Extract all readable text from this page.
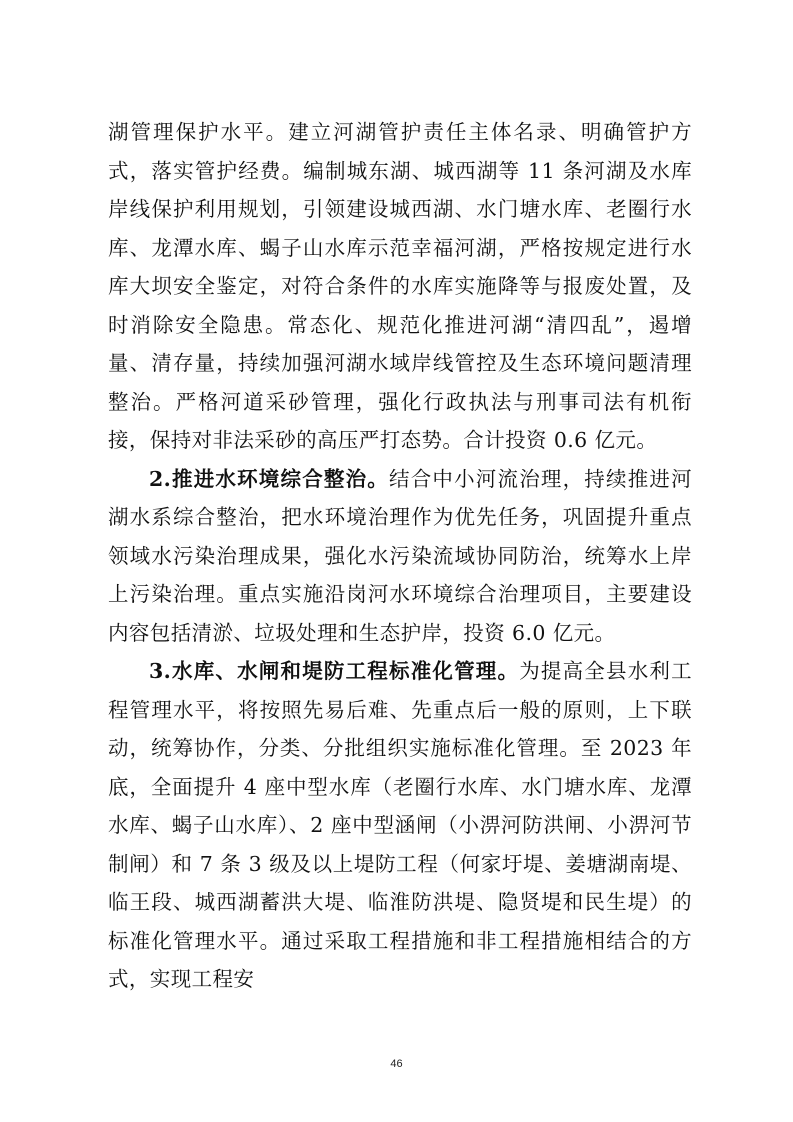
湖管理保护水平。建立河湖管护责任主体名录、明确管护方式，落实管护经费。编制城东湖、城西湖等 11 条河湖及水库岸线保护利用规划，引领建设城西湖、水门塘水库、老圈行水库、龙潭水库、蝎子山水库示范幸福河湖，严格按规定进行水库大坝安全鉴定，对符合条件的水库实施降等与报废处置，及时消除安全隐患。常态化、规范化推进河湖“清四乱”，遏增量、清存量，持续加强河湖水域岸线管控及生态环境问题清理整治。严格河道采砂管理，强化行政执法与刑事司法有机衔接，保持对非法采砂的高压严打态势。合计投资 0.6 亿元。

2.推进水环境综合整治。结合中小河流治理，持续推进河湖水系综合整治，把水环境治理作为优先任务，巩固提升重点领域水污染治理成果，强化水污染流域协同防治，统筹水上岸上污染治理。重点实施沿岗河水环境综合治理项目，主要建设内容包括清淤、垃圾处理和生态护岸，投资 6.0 亿元。

3.水库、水闸和堤防工程标准化管理。为提高全县水利工程管理水平，将按照先易后难、先重点后一般的原则，上下联动，统筹协作，分类、分批组织实施标准化管理。至 2023 年底，全面提升 4 座中型水库（老圈行水库、水门塘水库、龙潭水库、蝎子山水库）、2 座中型涵闸（小淠河防洪闸、小淠河节制闸）和 7 条 3 级及以上堤防工程（何家圩堤、姜塘湖南堤、临王段、城西湖蓄洪大堤、临淮防洪堤、隐贤堤和民生堤）的标准化管理水平。通过采取工程措施和非工程措施相结合的方式，实现工程安

46
